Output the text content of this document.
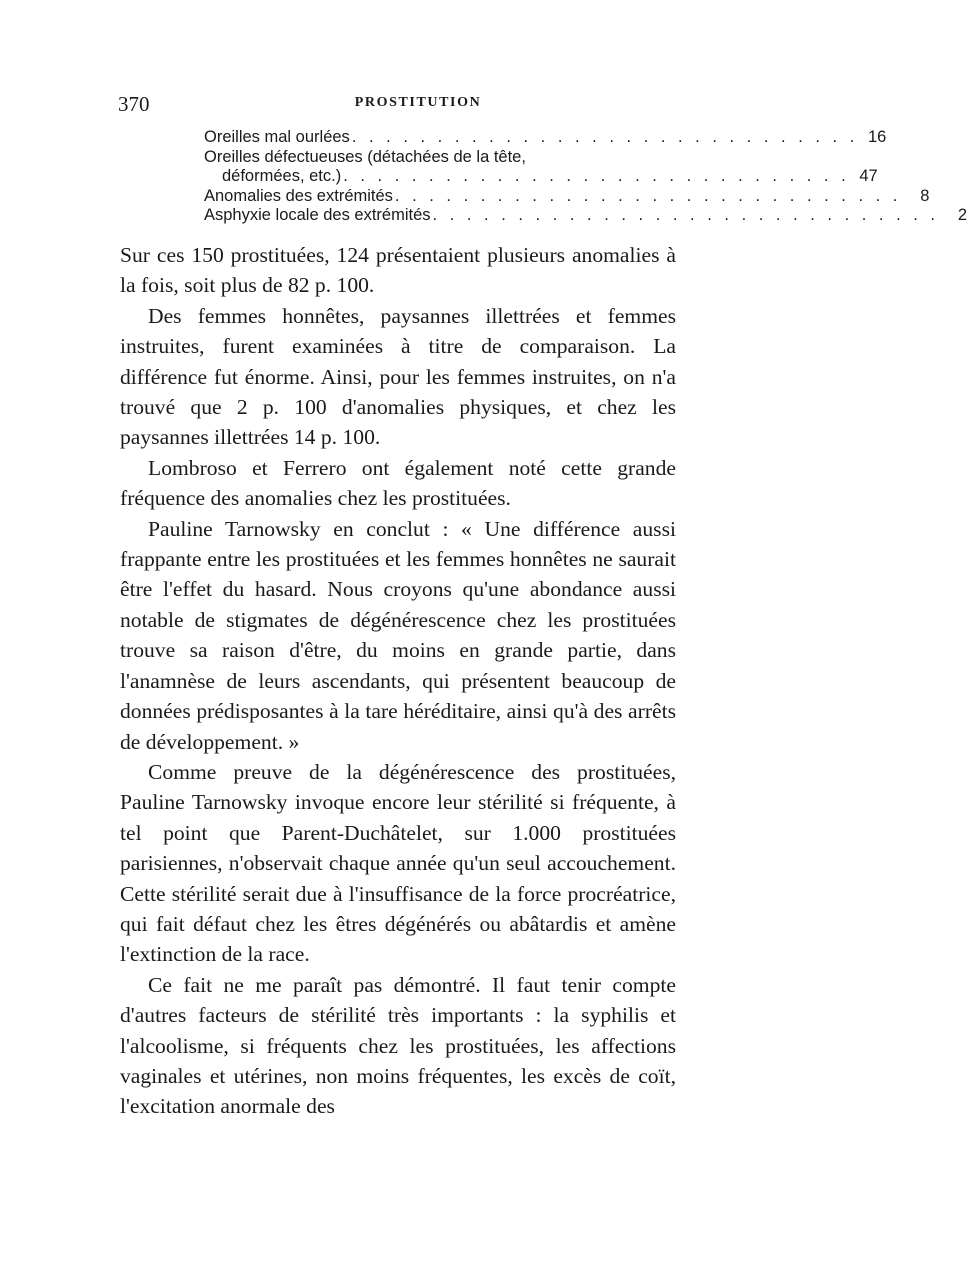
370	PROSTITUTION
Oreilles mal ourlées . . . . . . . . . . . . . . . . . . . . . . . . . . . . . . 16
Oreilles défectueuses (détachées de la tête,
déformées, etc.) . . . . . . . . . . . . . . . . . . . . . . . . . . . . . . 47
Anomalies des extrémités . . . . . . . . . . . . . . . . . . . . . . . . . . . . . .	8
Asphyxie locale des extrémités . . . . . . . . . . . . . . . . . . . . . . . . . . . . . .	2

Sur ces 150 prostituées, 124 présentaient plusieurs anomalies à la fois, soit plus de 82 p. 100.

Des femmes honnêtes, paysannes illettrées et femmes instruites, furent examinées à titre de comparaison. La différence fut énorme. Ainsi, pour les femmes instruites, on n'a trouvé que 2 p. 100 d'anomalies physiques, et chez les paysannes illettrées 14 p. 100.

Lombroso et Ferrero ont également noté cette grande fréquence des anomalies chez les prostituées.

Pauline Tarnowsky en conclut : « Une différence aussi frappante entre les prostituées et les femmes honnêtes ne saurait être l'effet du hasard. Nous croyons qu'une abondance aussi notable de stigmates de dégénérescence chez les prostituées trouve sa raison d'être, du moins en grande partie, dans l'anamnèse de leurs ascendants, qui présentent beaucoup de données prédisposantes à la tare héréditaire, ainsi qu'à des arrêts de développement. »

Comme preuve de la dégénérescence des prostituées, Pauline Tarnowsky invoque encore leur stérilité si fréquente, à tel point que Parent-Duchâtelet, sur 1.000 prostituées parisiennes, n'observait chaque année qu'un seul accouchement. Cette stérilité serait due à l'insuffisance de la force procréatrice, qui fait défaut chez les êtres dégénérés ou abâtardis et amène l'extinction de la race.

Ce fait ne me paraît pas démontré. Il faut tenir compte d'autres facteurs de stérilité très importants : la syphilis et l'alcoolisme, si fréquents chez les prostituées, les affections vaginales et utérines, non moins fréquentes, les excès de coït, l'excitation anormale des
